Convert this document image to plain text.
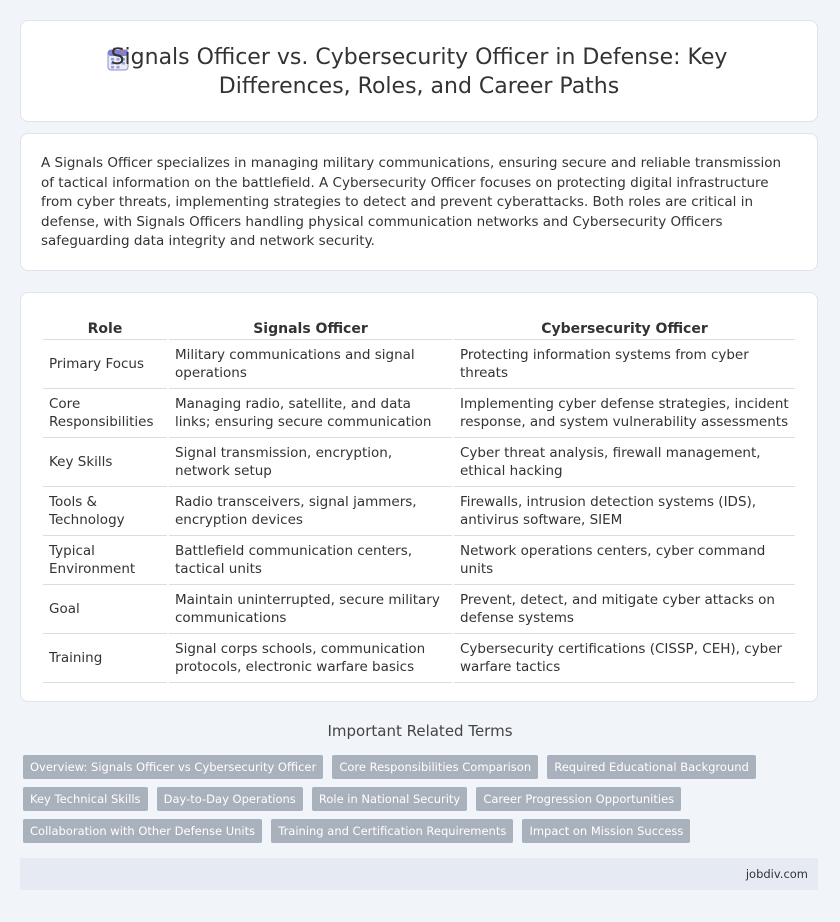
Signals Officer vs. Cybersecurity Officer in Defense: Key Differences, Roles, and Career Paths

A Signals Officer specializes in managing military communications, ensuring secure and reliable transmission of tactical information on the battlefield. A Cybersecurity Officer focuses on protecting digital infrastructure from cyber threats, implementing strategies to detect and prevent cyberattacks. Both roles are critical in defense, with Signals Officers handling physical communication networks and Cybersecurity Officers safeguarding data integrity and network security.

Role	Signals Officer	Cybersecurity Officer
Primary Focus	Military communications and signal operations	Protecting information systems from cyber threats
Core Responsibilities	Managing radio, satellite, and data links; ensuring secure communication	Implementing cyber defense strategies, incident response, and system vulnerability assessments
Key Skills	Signal transmission, encryption, network setup	Cyber threat analysis, firewall management, ethical hacking
Tools & Technology	Radio transceivers, signal jammers, encryption devices	Firewalls, intrusion detection systems (IDS), antivirus software, SIEM
Typical Environment	Battlefield communication centers, tactical units	Network operations centers, cyber command units
Goal	Maintain uninterrupted, secure military communications	Prevent, detect, and mitigate cyber attacks on defense systems
Training	Signal corps schools, communication protocols, electronic warfare basics	Cybersecurity certifications (CISSP, CEH), cyber warfare tactics
Important Related Terms
Overview: Signals Officer vs Cybersecurity Officer Core Responsibilities Comparison Required Educational Background
Key Technical Skills Day-to-Day Operations Role in National Security Career Progression Opportunities
Collaboration with Other Defense Units Training and Certification Requirements Impact on Mission Success
jobdiv.com
